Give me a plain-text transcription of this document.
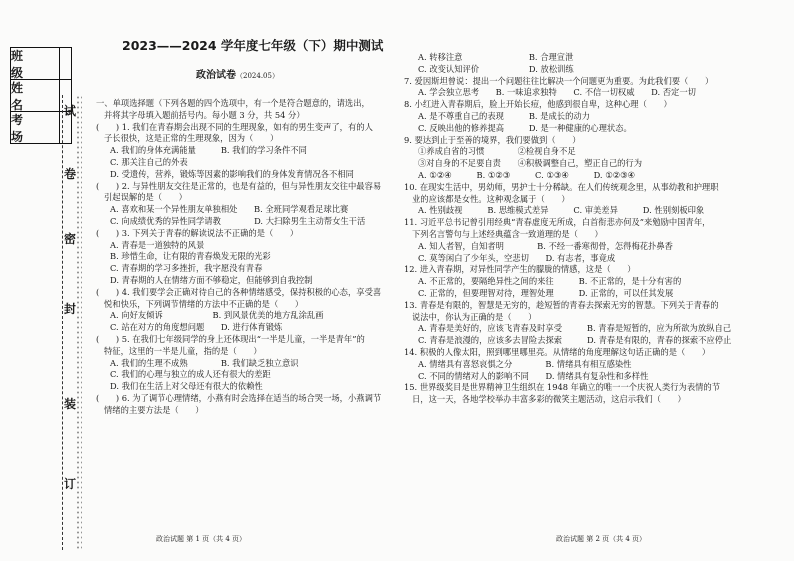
班　级
姓　名
考　场
试
卷
密
封
装
订
2023——2024 学年度七年级（下）期中测试
政治试卷（2024.05）
一、单项选择题（下列各题的四个选项中，有一个是符合题意的，请选出，
并将其字母填入题前括号内。每小题 3 分，共 54 分）
(　　) 1. 我们在青春期会出现不同的生理现象，如有的男生变声了，有的人
子长很快，这是正常的生理现象，因为（　　）
A. 我们的身体充满能量　　　B. 我们的学习条件不同
C. 那关注自己的外表
D. 受遗传，营养，锻炼等因素的影响我们的身体发育情况各不相同
(　　) 2. 与异性朋友交往是正常的，也是有益的，但与异性朋友交往中最容易
引起误解的是（　　）
A. 喜欢和某一个异性朋友单独相处　　B. 全班同学观看足球比赛
C. 向成绩优秀的异性同学请教　　　　D. 大扫除男生主动帮女生干活
(　　) 3. 下列关于青春的解读说法不正确的是（　　）
A. 青春是一道独特的风景
B. 珍惜生命，让有限的青春焕发无限的光彩
C. 青春期的学习多挫折，我字愿没有青春
D. 青春期的人在情绪方面不够稳定，但能够到自我控制
(　　) 4. 我们要学会正确对待自己的各种情绪感受，保持积极的心态，享受喜
悦和快乐，下列调节情绪的方法中不正确的是（　　）
A. 向好友倾诉　　　　　　B. 到风景优美的地方乱涂乱画
C. 站在对方的角度想问题　　D. 进行体育锻炼
(　　) 5. 在我们七年级同学的身上还体现出“一半是儿童，一半是青年”的
特征，这里的一半是儿童，指的是（　　）
A. 我们的生理不成熟　　　　B. 我们缺乏独立意识
C. 我们的心理与独立的成人还有很大的差距
D. 我们在生活上对父母还有很大的依赖性
(　　) 6. 为了调节心理情绪，小燕有时会选择在适当的场合哭一场，小燕调节
情绪的主要方法是（　　）
A. 转移注意　　　　　　　　B. 合理宣泄
C. 改变认知评价　　　　　　D. 放松训练
7. 爱因斯坦曾说：提出一个问题往往比解决一个问题更为重要。为此我们要（　　）
A. 学会独立思考　　B. 一味追求独特　　C. 不信一切权威　　D. 否定一切
8. 小红进入青春期后，脸上开始长痘，他感到很自卑，这种心理（　　）
A. 是不尊重自己的表现　　　B. 是成长的动力
C. 反映出他的修养提高　　　D. 是一种健康的心理状态。
9. 要达到止于至善的境界，我们要做到（　　）
①养成自省的习惯　　　　②检视自身不足
③对自身的不足要自责　　④积极调整自己，塑正自己的行为
A. ①②④　　　B. ①②③　　　C. ①③④　　　D. ①②③④
10. 在现实生活中，男幼师，男护士十分稀缺。在人们传统观念里，从事幼教和护理职
业的应该都是女性。这种观念属于（　　）
A. 性别歧视　　　B. 思维模式差异　　　C. 审美差异　　　D. 性别刻板印象
11. 习近平总书记曾引用经典“青春虚度无所成，白首衔悲亦何及”来勉励中国青年，
下列名言警句与上述经典蕴含一致道理的是（　　）
A. 知人者智，自知者明　　　　B. 不经一番寒彻骨，怎得梅花扑鼻香
C. 莫等闲白了少年头，空悲切　　D. 有志者，事竟成
12. 进入青春期，对异性同学产生的朦胧的情感，这是（　　）
A. 不正常的，要隔绝异性之间的来往　　　B. 不正常的，是十分有害的
C. 正常的，但要理智对待，理智处理　　　D. 正常的，可以任其发展
13. 青春是有限的，智慧是无穷的，趁短暂的青春去探索无穷的智慧。下列关于青春的
说法中，你认为正确的是（　　）
A. 青春是美好的，应该飞青春及时享受　　　B. 青春是短暂的，应为所欲为放纵自己
C. 青春是浪漫的，应该多去冒险去探索　　　D. 青春是有限的，青春的探索不应停止
14. 积极的人像太阳，照到哪里哪里亮。从情绪的角度理解这句话正确的是（　　）
A. 情绪具有喜怒哀惧之分　　　　B. 情绪具有相互感染性
C. 不同的情绪对人的影响不同　　D. 情绪具有复杂性和多样性
15. 世界级奖目是世界精神卫生组织在 1948 年确立的唯一一个庆祝人类行为表情的节
日，这一天，各地学校举办丰富多彩的微笑主题活动，这启示我们（　　）
政治试题 第 1 页（共 4 页）	政治试题 第 2 页（共 4 页）
